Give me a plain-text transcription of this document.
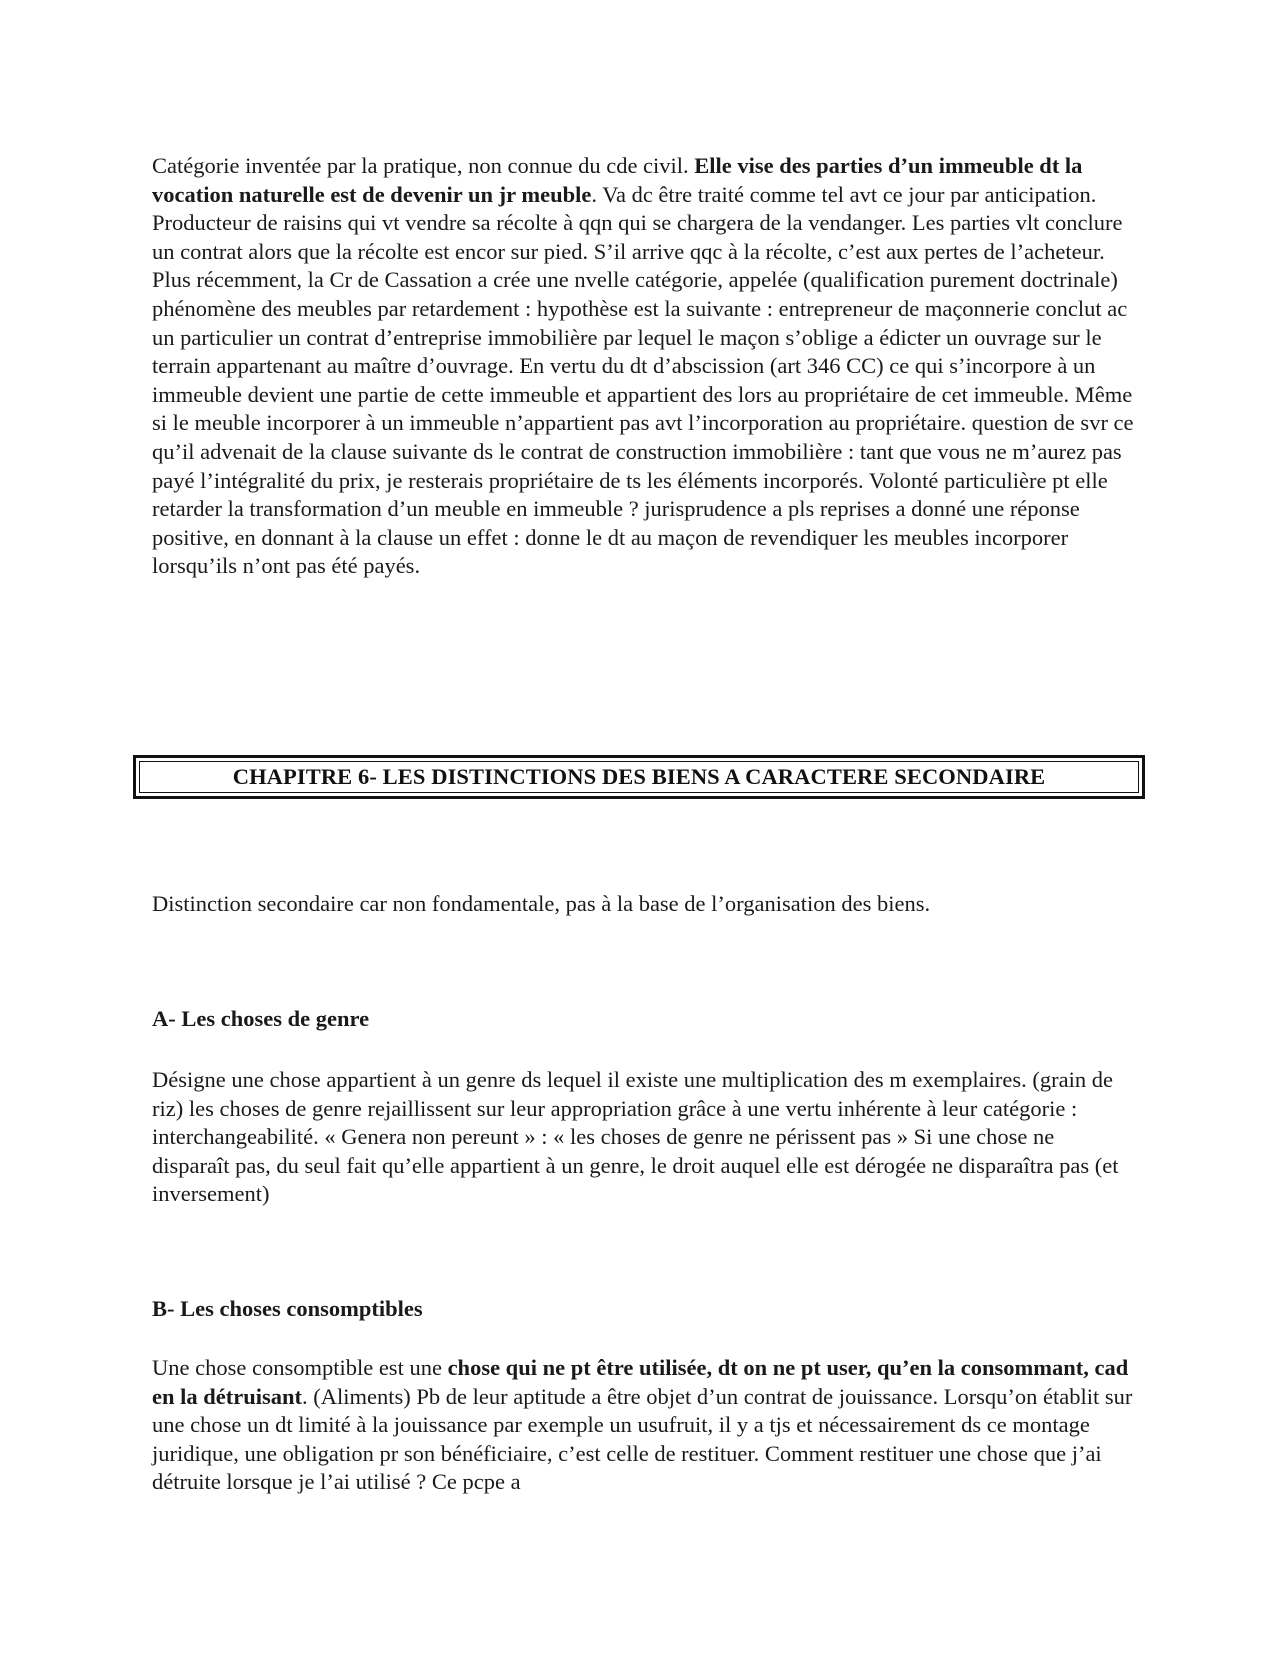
Catégorie inventée par la pratique, non connue du cde civil. Elle vise des parties d’un immeuble dt la vocation naturelle est de devenir un jr meuble. Va dc être traité comme tel avt ce jour par anticipation. Producteur de raisins qui vt vendre sa récolte à qqn qui se chargera de la vendanger. Les parties vlt conclure un contrat alors que la récolte est encor sur pied. S’il arrive qqc à la récolte, c’est aux pertes de l’acheteur. Plus récemment, la Cr de Cassation a crée une nvelle catégorie, appelée (qualification purement doctrinale) phénomène des meubles par retardement : hypothèse est la suivante : entrepreneur de maçonnerie conclut ac un particulier un contrat d’entreprise immobilière par lequel le maçon s’oblige a édicter un ouvrage sur le terrain appartenant au maître d’ouvrage. En vertu du dt d’abscission (art 346 CC) ce qui s’incorpore à un immeuble devient une partie de cette immeuble et appartient des lors au propriétaire de cet immeuble. Même si le meuble incorporer à un immeuble n’appartient pas avt l’incorporation au propriétaire. question de svr ce qu’il advenait de la clause suivante ds le contrat de construction immobilière : tant que vous ne m’aurez pas payé l’intégralité du prix, je resterais propriétaire de ts les éléments incorporés. Volonté particulière pt elle retarder la transformation d’un meuble en immeuble ? jurisprudence a pls reprises a donné une réponse positive, en donnant à la clause un effet : donne le dt au maçon de revendiquer les meubles incorporer lorsqu’ils n’ont pas été payés.

CHAPITRE 6- LES DISTINCTIONS DES BIENS A CARACTERE SECONDAIRE

Distinction secondaire car non fondamentale, pas à la base de l’organisation des biens.

A- Les choses de genre

Désigne une chose appartient à un genre ds lequel il existe une multiplication des m exemplaires. (grain de riz) les choses de genre rejaillissent sur leur appropriation grâce à une vertu inhérente à leur catégorie : interchangeabilité. « Genera non pereunt » : « les choses de genre ne périssent pas » Si une chose ne disparaît pas, du seul fait qu’elle appartient à un genre, le droit auquel elle est dérogée ne disparaîtra pas (et inversement)

B- Les choses consomptibles

Une chose consomptible est une chose qui ne pt être utilisée, dt on ne pt user, qu’en la consommant, cad en la détruisant. (Aliments) Pb de leur aptitude a être objet d’un contrat de jouissance. Lorsqu’on établit sur une chose un dt limité à la jouissance par exemple un usufruit, il y a tjs et nécessairement ds ce montage juridique, une obligation pr son bénéficiaire, c’est celle de restituer. Comment restituer une chose que j’ai détruite lorsque je l’ai utilisé ? Ce pcpe a
